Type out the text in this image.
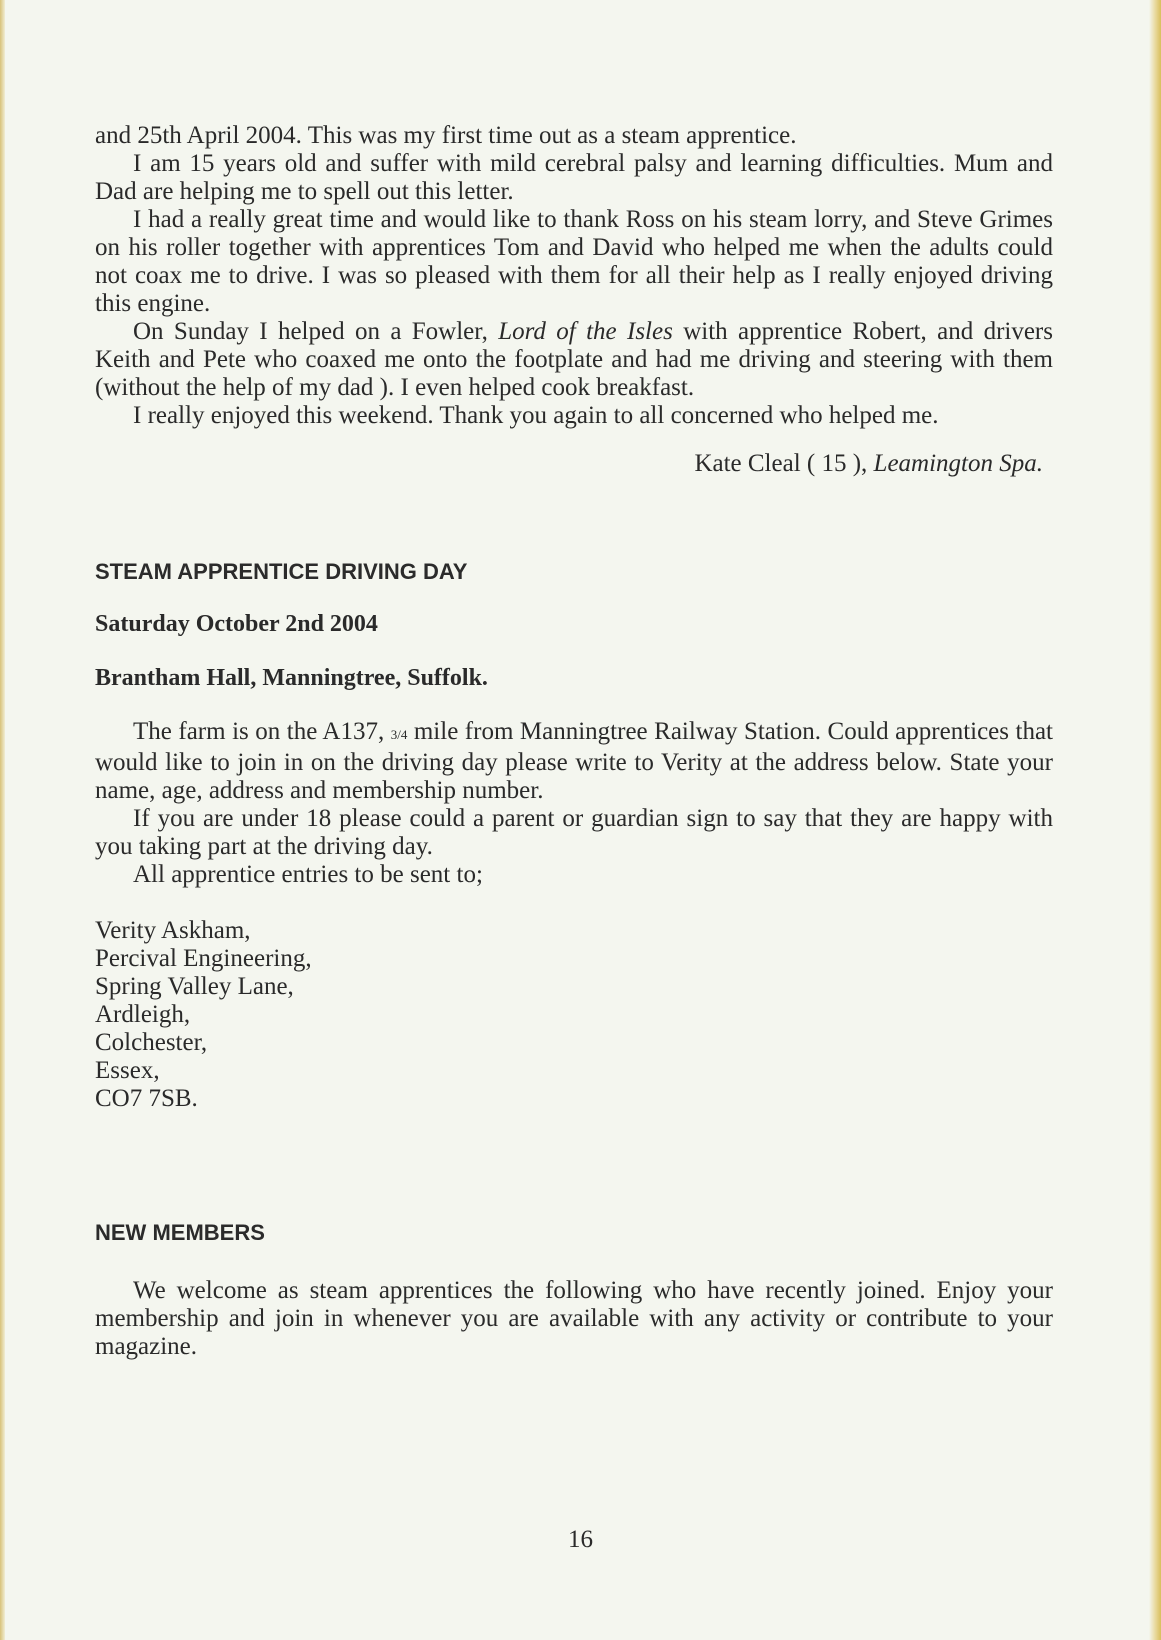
and 25th April 2004. This was my first time out as a steam apprentice.

I am 15 years old and suffer with mild cerebral palsy and learning difficulties. Mum and Dad are helping me to spell out this letter.

I had a really great time and would like to thank Ross on his steam lorry, and Steve Grimes on his roller together with apprentices Tom and David who helped me when the adults could not coax me to drive. I was so pleased with them for all their help as I really enjoyed driving this engine.

On Sunday I helped on a Fowler, Lord of the Isles with apprentice Robert, and drivers Keith and Pete who coaxed me onto the footplate and had me driving and steering with them (without the help of my dad ). I even helped cook breakfast.

I really enjoyed this weekend. Thank you again to all concerned who helped me.

Kate Cleal ( 15 ), Leamington Spa.

STEAM APPRENTICE DRIVING DAY
Saturday October 2nd 2004
Brantham Hall, Manningtree, Suffolk.

The farm is on the A137, 3/4 mile from Manningtree Railway Station. Could apprentices that would like to join in on the driving day please write to Verity at the address below. State your name, age, address and membership number.

If you are under 18 please could a parent or guardian sign to say that they are happy with you taking part at the driving day.

All apprentice entries to be sent to;

Verity Askham,
Percival Engineering,
Spring Valley Lane,
Ardleigh,
Colchester,
Essex,
CO7 7SB.
NEW MEMBERS

We welcome as steam apprentices the following who have recently joined. Enjoy your membership and join in whenever you are available with any activity or contribute to your magazine.

16
